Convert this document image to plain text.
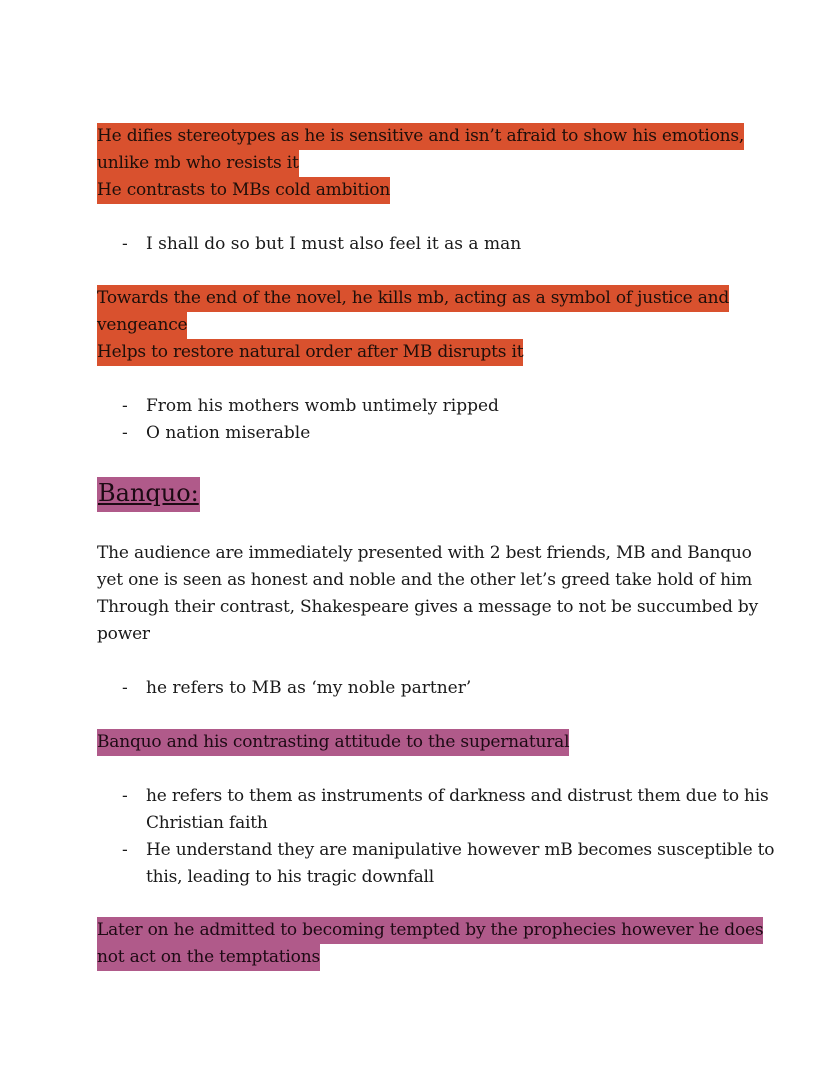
He difies stereotypes as he is sensitive and isn’t afraid to show his emotions,
unlike mb who resists it
He contrasts to MBs cold ambition
- I shall do so but I must also feel it as a man
Towards the end of the novel, he kills mb, acting as a symbol of justice and
vengeance
Helps to restore natural order after MB disrupts it
- From his mothers womb untimely ripped
- O nation miserable
Banquo:
The audience are immediately presented with 2 best friends, MB and Banquo
yet one is seen as honest and noble and the other let’s greed take hold of him
Through their contrast, Shakespeare gives a message to not be succumbed by
power
- he refers to MB as ‘my noble partner’
Banquo and his contrasting attitude to the supernatural
- he refers to them as instruments of darkness and distrust them due to his
Christian faith
- He understand they are manipulative however mB becomes susceptible to
this, leading to his tragic downfall
Later on he admitted to becoming tempted by the prophecies however he does
not act on the temptations
